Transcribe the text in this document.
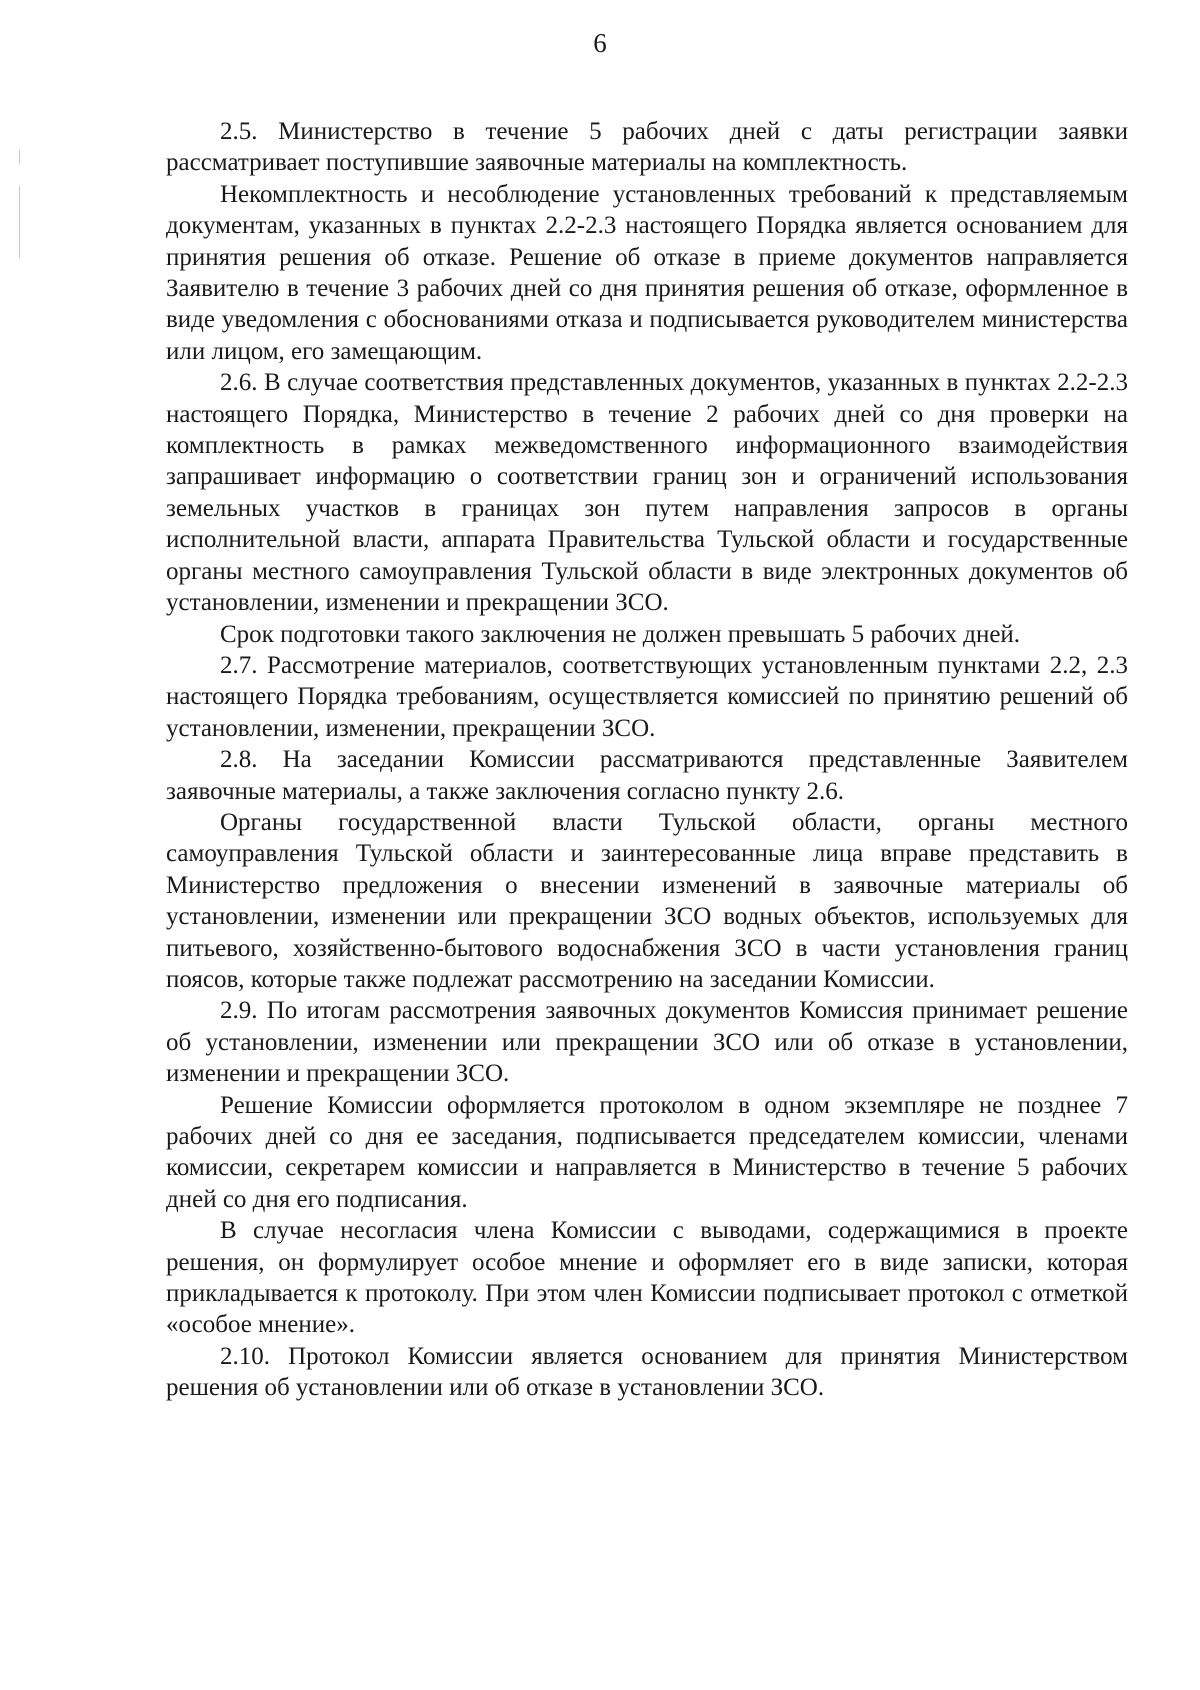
6

2.5. Министерство в течение 5 рабочих дней с даты регистрации заявки рассматривает поступившие заявочные материалы на комплектность.

Некомплектность и несоблюдение установленных требований к представляемым документам, указанных в пунктах 2.2-2.3 настоящего Порядка является основанием для принятия решения об отказе. Решение об отказе в приеме документов направляется Заявителю в течение 3 рабочих дней со дня принятия решения об отказе, оформленное в виде уведомления с обоснованиями отказа и подписывается руководителем министерства или лицом, его замещающим.

2.6. В случае соответствия представленных документов, указанных в пунктах 2.2-2.3 настоящего Порядка, Министерство в течение 2 рабочих дней со дня проверки на комплектность в рамках межведомственного информационного взаимодействия запрашивает информацию о соответствии границ зон и ограничений использования земельных участков в границах зон путем направления запросов в органы исполнительной власти, аппарата Правительства Тульской области и государственные органы местного самоуправления Тульской области в виде электронных документов об установлении, изменении и прекращении ЗСО.

Срок подготовки такого заключения не должен превышать 5 рабочих дней.

2.7. Рассмотрение материалов, соответствующих установленным пунктами 2.2, 2.3 настоящего Порядка требованиям, осуществляется комиссией по принятию решений об установлении, изменении, прекращении ЗСО.

2.8. На заседании Комиссии рассматриваются представленные Заявителем заявочные материалы, а также заключения согласно пункту 2.6.

Органы государственной власти Тульской области, органы местного самоуправления Тульской области и заинтересованные лица вправе представить в Министерство предложения о внесении изменений в заявочные материалы об установлении, изменении или прекращении ЗСО водных объектов, используемых для питьевого, хозяйственно-бытового водоснабжения ЗСО в части установления границ поясов, которые также подлежат рассмотрению на заседании Комиссии.

2.9. По итогам рассмотрения заявочных документов Комиссия принимает решение об установлении, изменении или прекращении ЗСО или об отказе в установлении, изменении и прекращении ЗСО.

Решение Комиссии оформляется протоколом в одном экземпляре не позднее 7 рабочих дней со дня ее заседания, подписывается председателем комиссии, членами комиссии, секретарем комиссии и направляется в Министерство в течение 5 рабочих дней со дня его подписания.

В случае несогласия члена Комиссии с выводами, содержащимися в проекте решения, он формулирует особое мнение и оформляет его в виде записки, которая прикладывается к протоколу. При этом член Комиссии подписывает протокол с отметкой «особое мнение».

2.10. Протокол Комиссии является основанием для принятия Министерством решения об установлении или об отказе в установлении ЗСО.
